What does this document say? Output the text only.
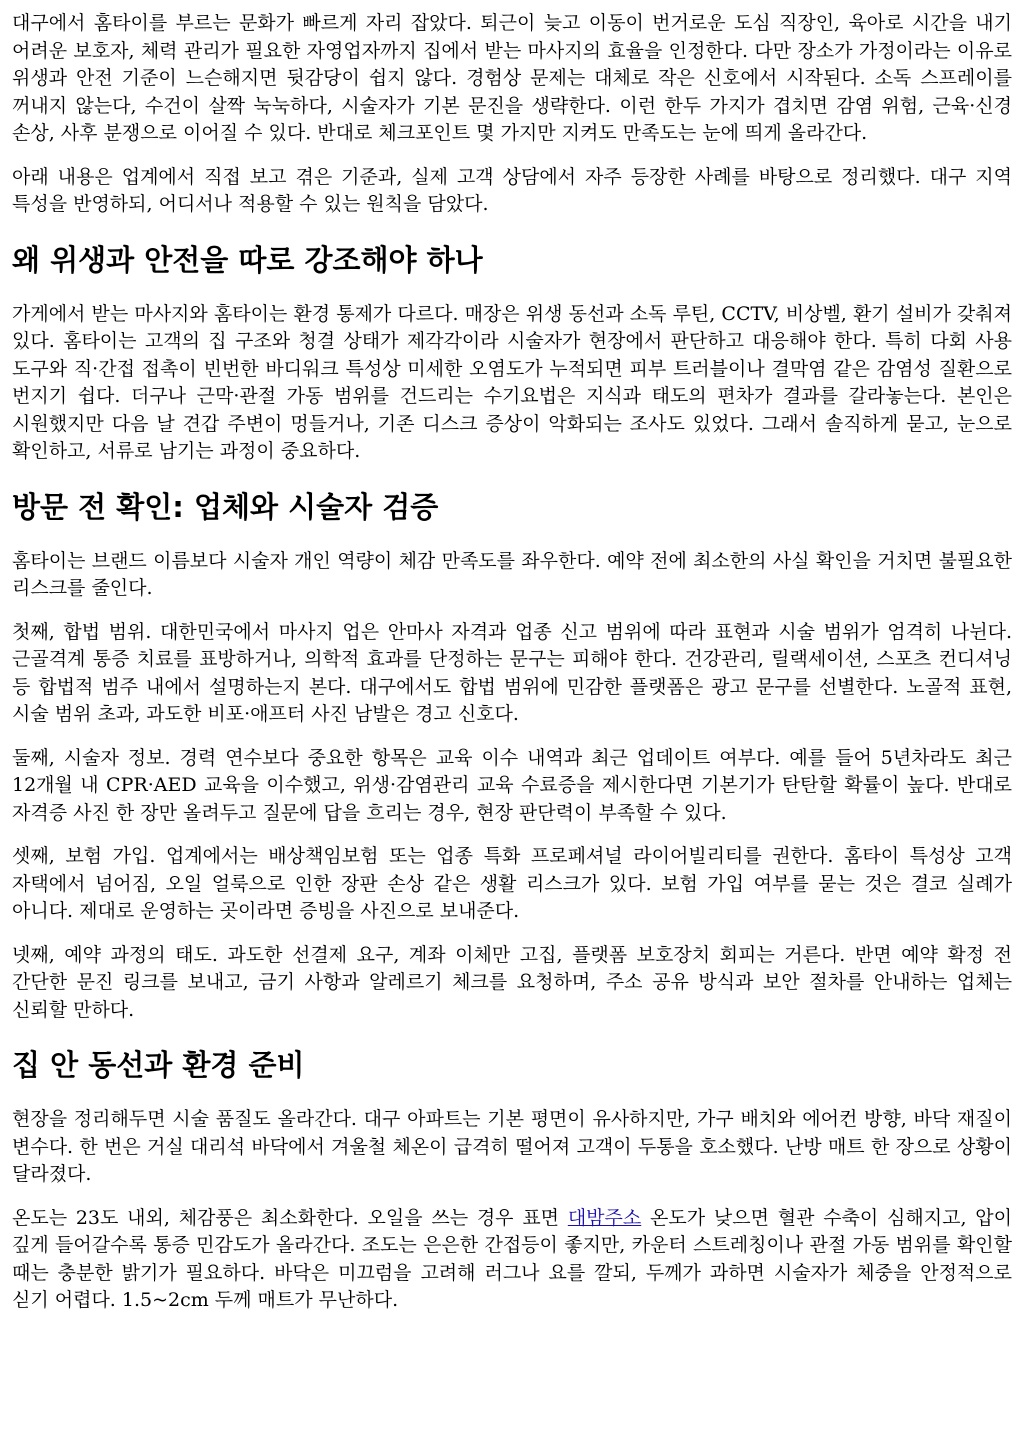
대구에서 홈타이를 부르는 문화가 빠르게 자리 잡았다. 퇴근이 늦고 이동이 번거로운 도심 직장인, 육아로 시간을 내기 어려운 보호자, 체력 관리가 필요한 자영업자까지 집에서 받는 마사지의 효율을 인정한다. 다만 장소가 가정이라는 이유로 위생과 안전 기준이 느슨해지면 뒷감당이 쉽지 않다. 경험상 문제는 대체로 작은 신호에서 시작된다. 소독 스프레이를 꺼내지 않는다, 수건이 살짝 눅눅하다, 시술자가 기본 문진을 생략한다. 이런 한두 가지가 겹치면 감염 위험, 근육·신경 손상, 사후 분쟁으로 이어질 수 있다. 반대로 체크포인트 몇 가지만 지켜도 만족도는 눈에 띄게 올라간다.

아래 내용은 업계에서 직접 보고 겪은 기준과, 실제 고객 상담에서 자주 등장한 사례를 바탕으로 정리했다. 대구 지역 특성을 반영하되, 어디서나 적용할 수 있는 원칙을 담았다.

왜 위생과 안전을 따로 강조해야 하나

가게에서 받는 마사지와 홈타이는 환경 통제가 다르다. 매장은 위생 동선과 소독 루틴, CCTV, 비상벨, 환기 설비가 갖춰져 있다. 홈타이는 고객의 집 구조와 청결 상태가 제각각이라 시술자가 현장에서 판단하고 대응해야 한다. 특히 다회 사용 도구와 직·간접 접촉이 빈번한 바디워크 특성상 미세한 오염도가 누적되면 피부 트러블이나 결막염 같은 감염성 질환으로 번지기 쉽다. 더구나 근막·관절 가동 범위를 건드리는 수기요법은 지식과 태도의 편차가 결과를 갈라놓는다. 본인은 시원했지만 다음 날 견갑 주변이 멍들거나, 기존 디스크 증상이 악화되는 조사도 있었다. 그래서 솔직하게 묻고, 눈으로 확인하고, 서류로 남기는 과정이 중요하다.

방문 전 확인: 업체와 시술자 검증

홈타이는 브랜드 이름보다 시술자 개인 역량이 체감 만족도를 좌우한다. 예약 전에 최소한의 사실 확인을 거치면 불필요한 리스크를 줄인다.

첫째, 합법 범위. 대한민국에서 마사지 업은 안마사 자격과 업종 신고 범위에 따라 표현과 시술 범위가 엄격히 나뉜다. 근골격계 통증 치료를 표방하거나, 의학적 효과를 단정하는 문구는 피해야 한다. 건강관리, 릴랙세이션, 스포츠 컨디셔닝 등 합법적 범주 내에서 설명하는지 본다. 대구에서도 합법 범위에 민감한 플랫폼은 광고 문구를 선별한다. 노골적 표현, 시술 범위 초과, 과도한 비포·애프터 사진 남발은 경고 신호다.

둘째, 시술자 정보. 경력 연수보다 중요한 항목은 교육 이수 내역과 최근 업데이트 여부다. 예를 들어 5년차라도 최근 12개월 내 CPR·AED 교육을 이수했고, 위생·감염관리 교육 수료증을 제시한다면 기본기가 탄탄할 확률이 높다. 반대로 자격증 사진 한 장만 올려두고 질문에 답을 흐리는 경우, 현장 판단력이 부족할 수 있다.

셋째, 보험 가입. 업계에서는 배상책임보험 또는 업종 특화 프로페셔널 라이어빌리티를 권한다. 홈타이 특성상 고객 자택에서 넘어짐, 오일 얼룩으로 인한 장판 손상 같은 생활 리스크가 있다. 보험 가입 여부를 묻는 것은 결코 실례가 아니다. 제대로 운영하는 곳이라면 증빙을 사진으로 보내준다.

넷째, 예약 과정의 태도. 과도한 선결제 요구, 계좌 이체만 고집, 플랫폼 보호장치 회피는 거른다. 반면 예약 확정 전 간단한 문진 링크를 보내고, 금기 사항과 알레르기 체크를 요청하며, 주소 공유 방식과 보안 절차를 안내하는 업체는 신뢰할 만하다.

집 안 동선과 환경 준비

현장을 정리해두면 시술 품질도 올라간다. 대구 아파트는 기본 평면이 유사하지만, 가구 배치와 에어컨 방향, 바닥 재질이 변수다. 한 번은 거실 대리석 바닥에서 겨울철 체온이 급격히 떨어져 고객이 두통을 호소했다. 난방 매트 한 장으로 상황이 달라졌다.

온도는 23도 내외, 체감풍은 최소화한다. 오일을 쓰는 경우 표면 대밤주소 온도가 낮으면 혈관 수축이 심해지고, 압이 깊게 들어갈수록 통증 민감도가 올라간다. 조도는 은은한 간접등이 좋지만, 카운터 스트레칭이나 관절 가동 범위를 확인할 때는 충분한 밝기가 필요하다. 바닥은 미끄럼을 고려해 러그나 요를 깔되, 두께가 과하면 시술자가 체중을 안정적으로 싣기 어렵다. 1.5~2cm 두께 매트가 무난하다.
